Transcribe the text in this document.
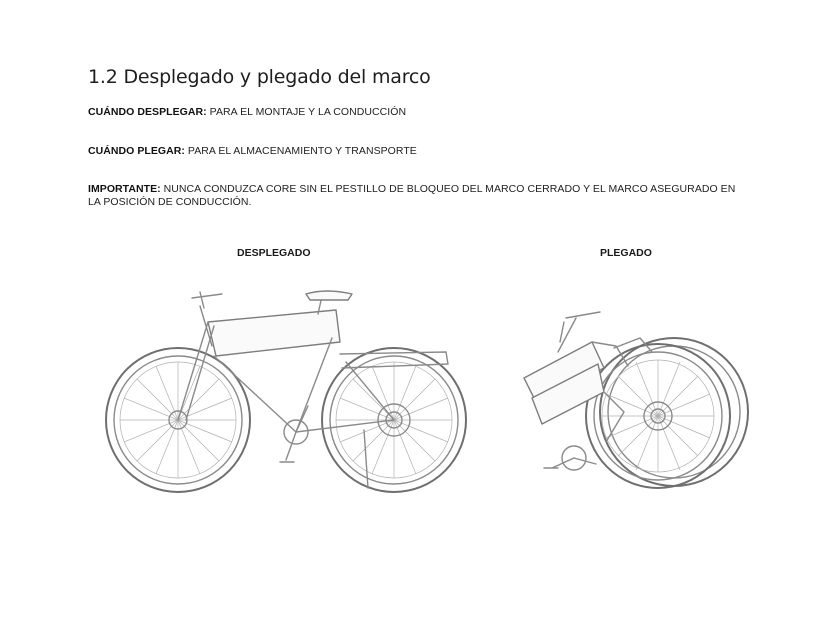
1.2 Desplegado y plegado del marco
CUÁNDO DESPLEGAR: PARA EL MONTAJE Y LA CONDUCCIÓN
CUÁNDO PLEGAR: PARA EL ALMACENAMIENTO Y TRANSPORTE
IMPORTANTE: NUNCA CONDUZCA CORE SIN EL PESTILLO DE BLOQUEO DEL MARCO CERRADO Y EL MARCO ASEGURADO EN LA POSICIÓN DE CONDUCCIÓN.
DESPLEGADO	PLEGADO
